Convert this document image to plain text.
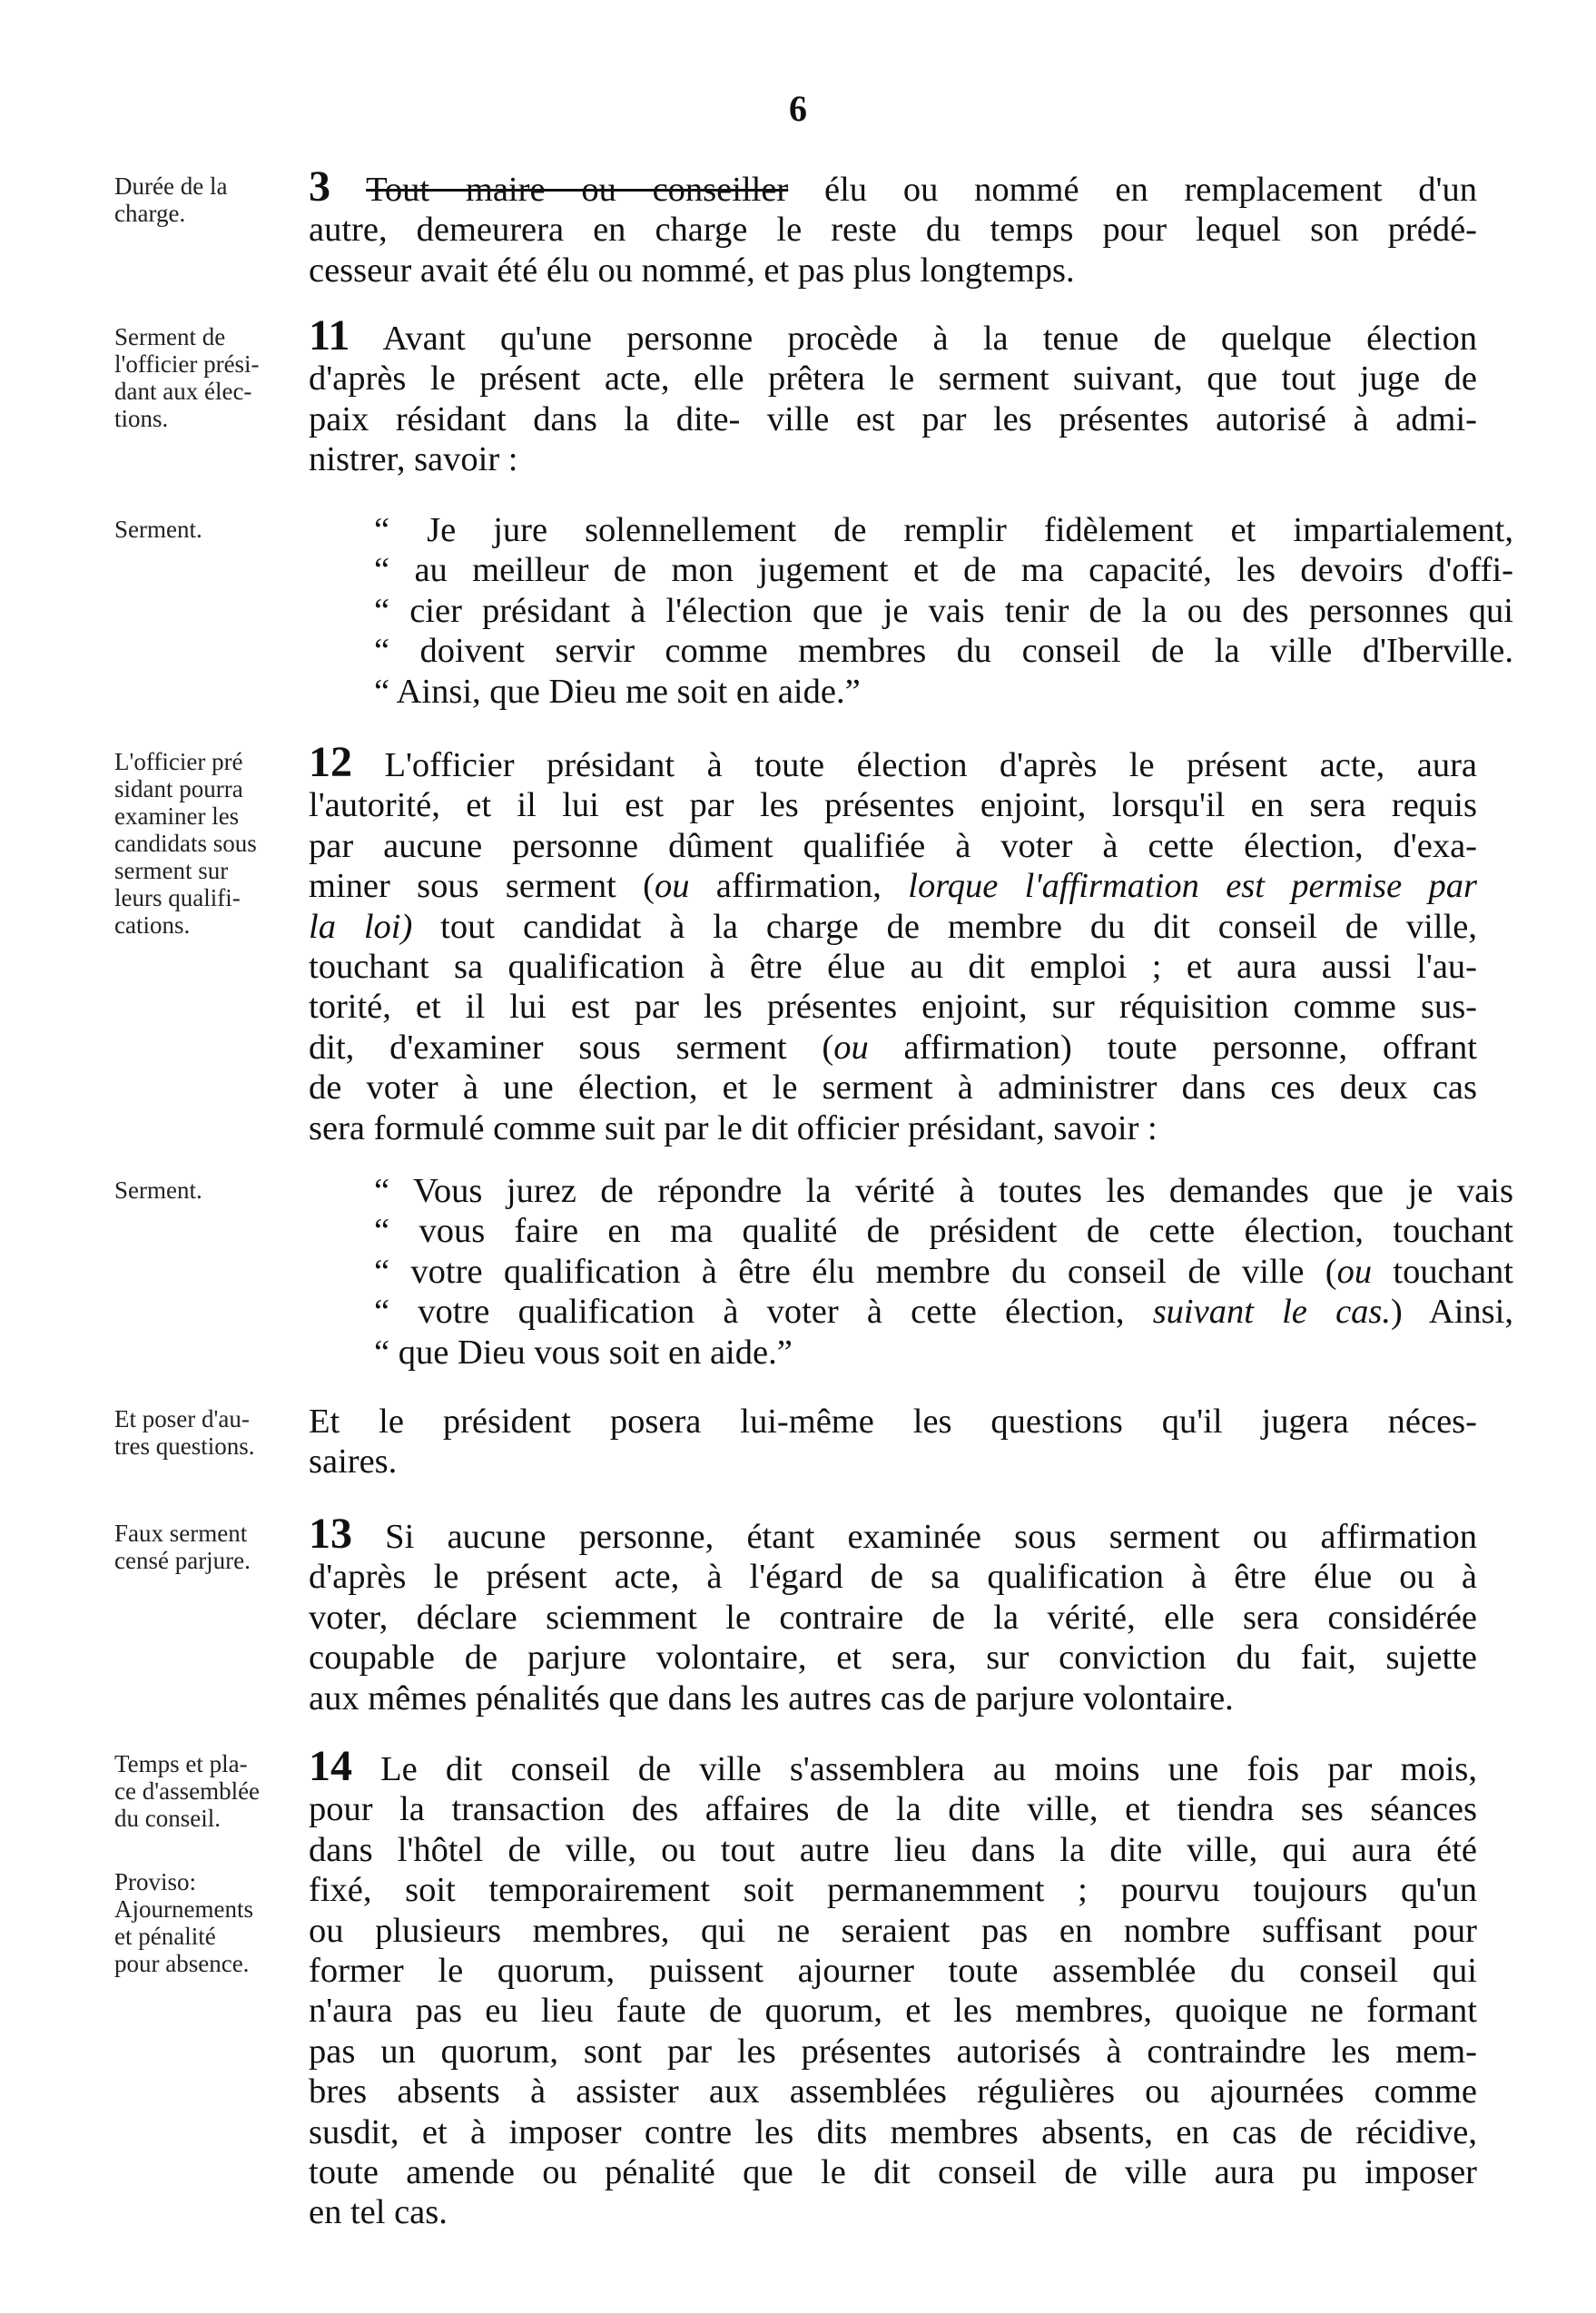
6
Durée de la
charge.
3 Tout maire ou conseiller élu ou nommé en remplacement d'un
autre, demeurera en charge le reste du temps pour lequel son prédé-
cesseur avait été élu ou nommé, et pas plus longtemps.
Serment de
l'officier prési-
dant aux élec-
tions.
11 Avant qu'une personne procède à la tenue de quelque élection
d'après le présent acte, elle prêtera le serment suivant, que tout juge de
paix résidant dans la dite- ville est par les présentes autorisé à admi-
nistrer, savoir :
Serment.	“ Je jure solennellement de remplir fidèlement et impartialement,
“ au meilleur de mon jugement et de ma capacité, les devoirs d'offi-
“ cier présidant à l'élection que je vais tenir de la ou des personnes qui
“ doivent servir comme membres du conseil de la ville d'Iberville.
“ Ainsi, que Dieu me soit en aide.”
L'officier pré
sidant pourra
examiner les
candidats sous
serment sur
leurs qualifi-
cations.
12 L'officier présidant à toute élection d'après le présent acte, aura
l'autorité, et il lui est par les présentes enjoint, lorsqu'il en sera requis
par aucune personne dûment qualifiée à voter à cette élection, d'exa-
miner sous serment (ou affirmation, lorque l'affirmation est permise par
la loi) tout candidat à la charge de membre du dit conseil de ville,
touchant sa qualification à être élue au dit emploi ; et aura aussi l'au-
torité, et il lui est par les présentes enjoint, sur réquisition comme sus-
dit, d'examiner sous serment (ou affirmation) toute personne, offrant
de voter à une élection, et le serment à administrer dans ces deux cas
sera formulé comme suit par le dit officier présidant, savoir :
Serment.	“ Vous jurez de répondre la vérité à toutes les demandes que je vais
“ vous faire en ma qualité de président de cette élection, touchant
“ votre qualification à être élu membre du conseil de ville (ou touchant
“ votre qualification à voter à cette élection, suivant le cas.) Ainsi,
“ que Dieu vous soit en aide.”
Et poser d'au-
tres questions.
Et le président posera lui-même les questions qu'il jugera néces-
saires.
Faux serment
censé parjure.
13 Si aucune personne, étant examinée sous serment ou affirmation
d'après le présent acte, à l'égard de sa qualification à être élue ou à
voter, déclare sciemment le contraire de la vérité, elle sera considérée
coupable de parjure volontaire, et sera, sur conviction du fait, sujette
aux mêmes pénalités que dans les autres cas de parjure volontaire.
Temps et pla-
ce d'assemblée
du conseil.
Proviso:
Ajournements
et pénalité
pour absence.
14 Le dit conseil de ville s'assemblera au moins une fois par mois,
pour la transaction des affaires de la dite ville, et tiendra ses séances
dans l'hôtel de ville, ou tout autre lieu dans la dite ville, qui aura été
fixé, soit temporairement soit permanemment ; pourvu toujours qu'un
ou plusieurs membres, qui ne seraient pas en nombre suffisant pour
former le quorum, puissent ajourner toute assemblée du conseil qui
n'aura pas eu lieu faute de quorum, et les membres, quoique ne formant
pas un quorum, sont par les présentes autorisés à contraindre les mem-
bres absents à assister aux assemblées régulières ou ajournées comme
susdit, et à imposer contre les dits membres absents, en cas de récidive,
toute amende ou pénalité que le dit conseil de ville aura pu imposer
en tel cas.
